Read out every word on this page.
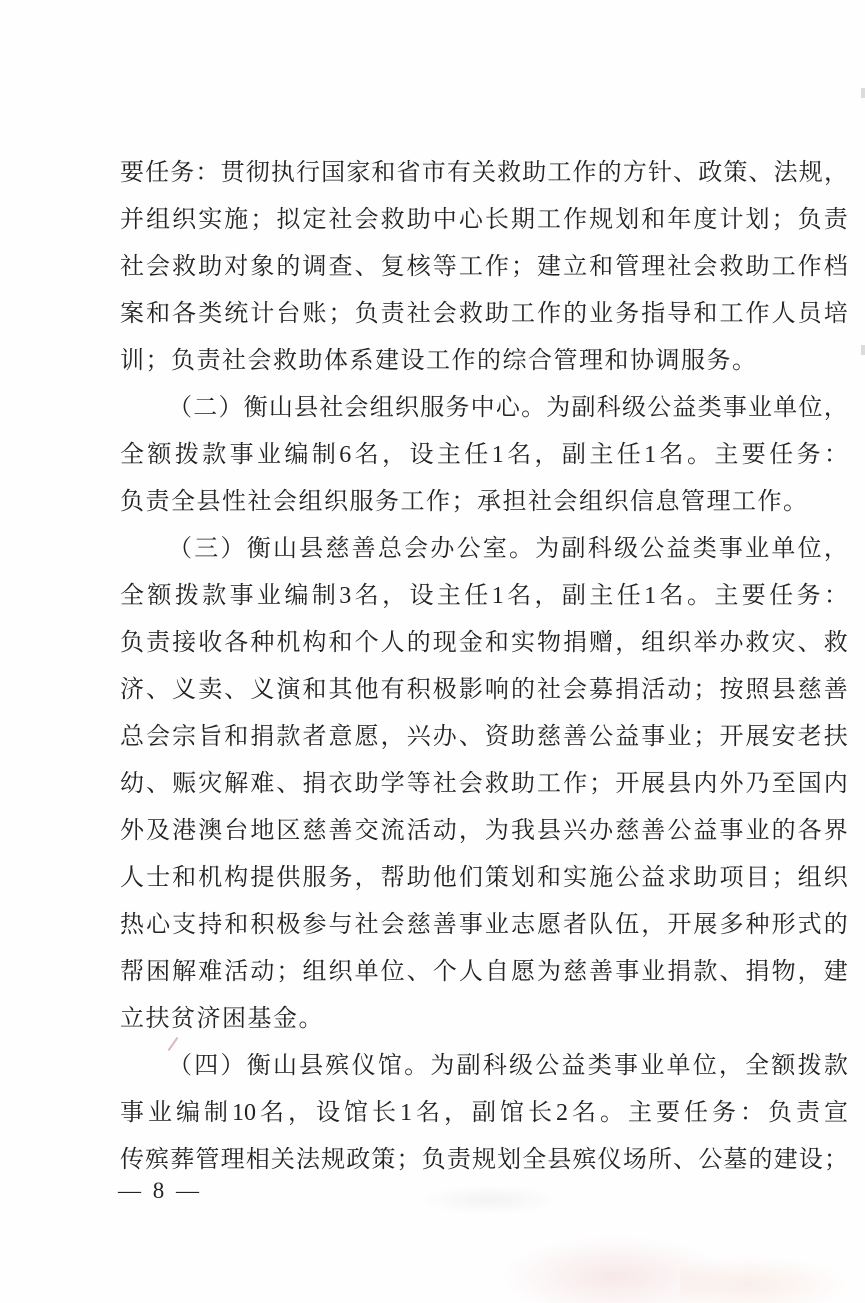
要 任 务 ： 贯 彻 执 行 国 家 和 省 市 有 关 救 助 工 作 的 方 针 、 政 策 、 法 规 ，
并 组 织 实 施 ； 拟 定 社 会 救 助 中 心 长 期 工 作 规 划 和 年 度 计 划 ； 负 责
社 会 救 助 对 象 的 调 查 、 复 核 等 工 作 ； 建 立 和 管 理 社 会 救 助 工 作 档
案 和 各 类 统 计 台 账 ； 负 责 社 会 救 助 工 作 的 业 务 指 导 和 工 作 人 员 培
训；负责社会救助体系建设工作的综合管理和协调服务。
（ 二 ） 衡 山 县 社 会 组 织 服 务 中 心 。 为 副 科 级 公 益 类 事 业 单 位 ，
全 额 拨 款 事 业 编 制 6 名 ， 设 主 任 1 名 ， 副 主 任 1 名 。 主 要 任 务 ：
负责全县性社会组织服务工作；承担社会组织信息管理工作。
（ 三 ） 衡 山 县 慈 善 总 会 办 公 室 。 为 副 科 级 公 益 类 事 业 单 位 ，
全 额 拨 款 事 业 编 制 3 名 ， 设 主 任 1 名 ， 副 主 任 1 名 。 主 要 任 务 ：
负 责 接 收 各 种 机 构 和 个 人 的 现 金 和 实 物 捐 赠 ， 组 织 举 办 救 灾 、 救
济 、 义 卖 、 义 演 和 其 他 有 积 极 影 响 的 社 会 募 捐 活 动 ； 按 照 县 慈 善
总 会 宗 旨 和 捐 款 者 意 愿 ， 兴 办 、 资 助 慈 善 公 益 事 业 ； 开 展 安 老 扶
幼 、 赈 灾 解 难 、 捐 衣 助 学 等 社 会 救 助 工 作 ； 开 展 县 内 外 乃 至 国 内
外 及 港 澳 台 地 区 慈 善 交 流 活 动 ， 为 我 县 兴 办 慈 善 公 益 事 业 的 各 界
人 士 和 机 构 提 供 服 务 ， 帮 助 他 们 策 划 和 实 施 公 益 求 助 项 目 ； 组 织
热 心 支 持 和 积 极 参 与 社 会 慈 善 事 业 志 愿 者 队 伍 ， 开 展 多 种 形 式 的
帮 困 解 难 活 动 ； 组 织 单 位 、 个 人 自 愿 为 慈 善 事 业 捐 款 、 捐 物 ， 建
立扶贫济困基金。
（ 四 ） 衡 山 县 殡 仪 馆 。 为 副 科 级 公 益 类 事 业 单 位 ， 全 额 拨 款
事 业 编 制 10 名 ， 设 馆 长 1 名 ， 副 馆 长 2 名 。 主 要 任 务 ： 负 责 宣
传 殡 葬 管 理 相 关 法 规 政 策 ； 负 责 规 划 全 县 殡 仪 场 所 、 公 墓 的 建 设 ；
— 8 —
